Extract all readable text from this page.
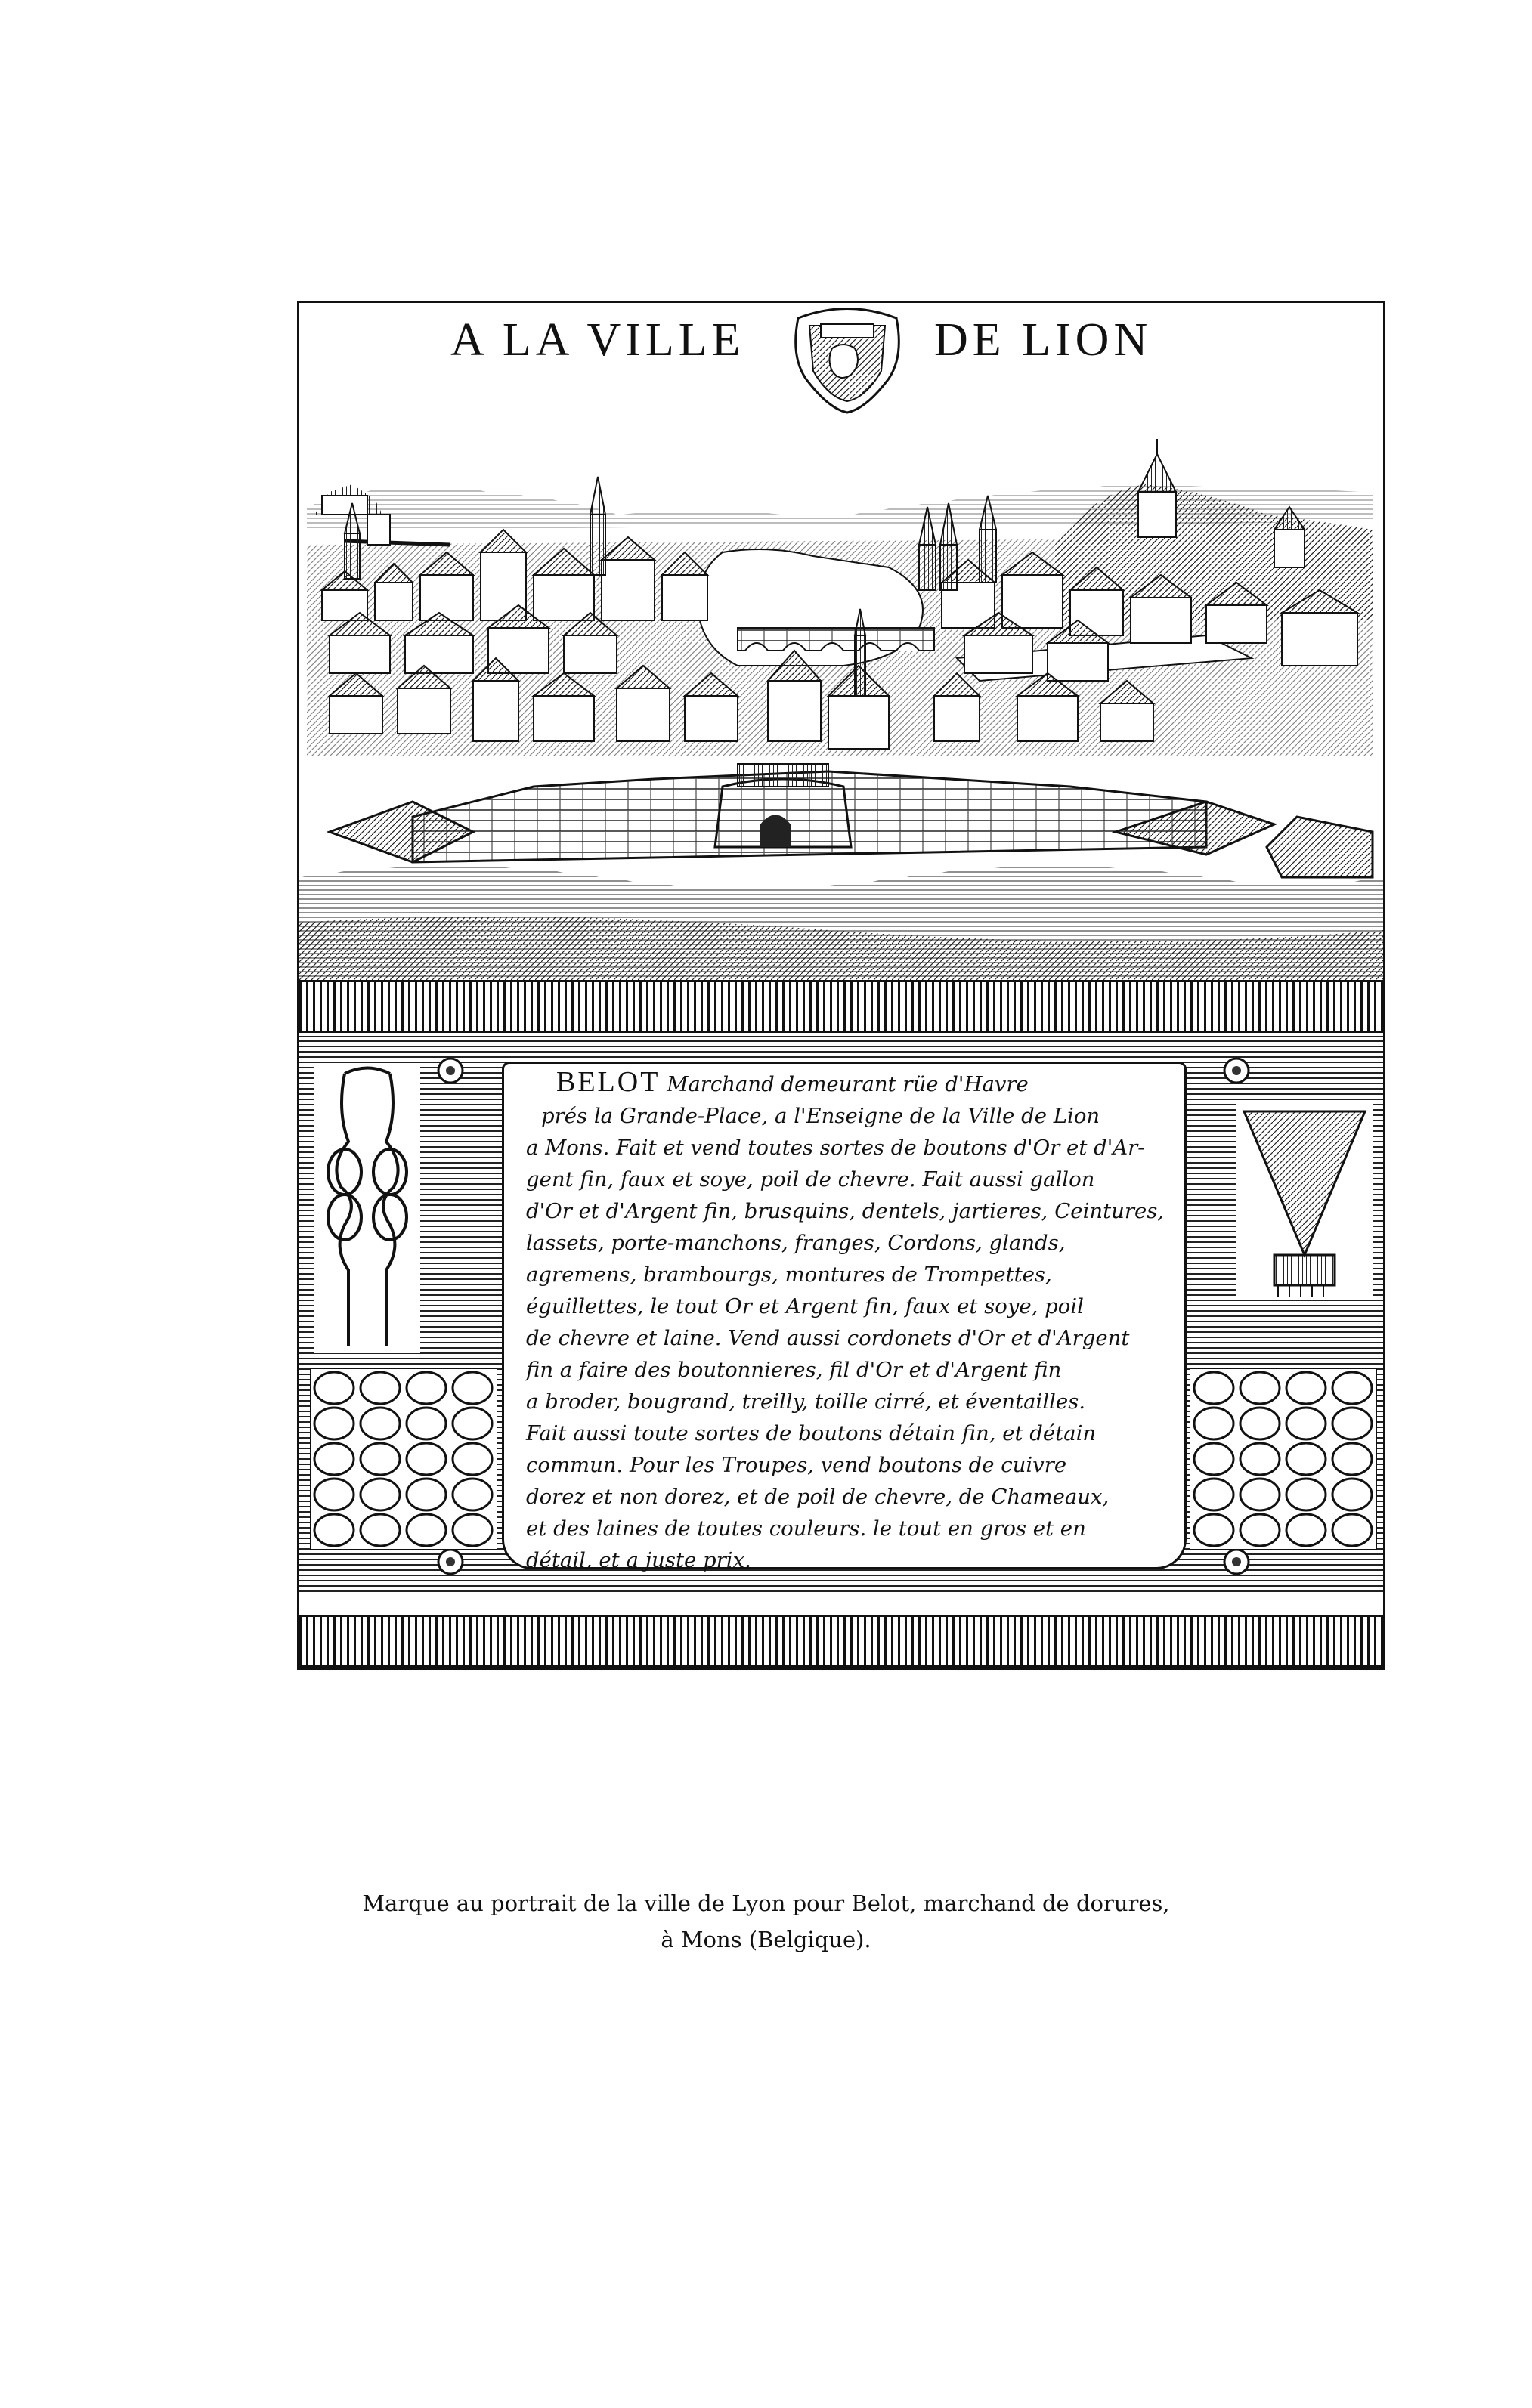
A LA VILLE	DE LION
BELOT Marchand demeurant rüe d'Havre
prés la Grande-Place, a l'Enseigne de la Ville de Lion
a Mons. Fait et vend toutes sortes de boutons d'Or et d'Ar-
gent fin, faux et soye, poil de chevre. Fait aussi gallon
d'Or et d'Argent fin, brusquins, dentels, jartieres, Ceintures,
lassets, porte-manchons, franges, Cordons, glands,
agremens, brambourgs, montures de Trompettes,
éguillettes, le tout Or et Argent fin, faux et soye, poil
de chevre et laine. Vend aussi cordonets d'Or et d'Argent
fin a faire des boutonnieres, fil d'Or et d'Argent fin
a broder, bougrand, treilly, toille cirré, et éventailles.
Fait aussi toute sortes de boutons détain fin, et détain
commun. Pour les Troupes, vend boutons de cuivre
dorez et non dorez, et de poil de chevre, de Chameaux,
et des laines de toutes couleurs. le tout en gros et en
détail, et a juste prix.
Marque au portrait de la ville de Lyon pour Belot, marchand de dorures,
à Mons (Belgique).
